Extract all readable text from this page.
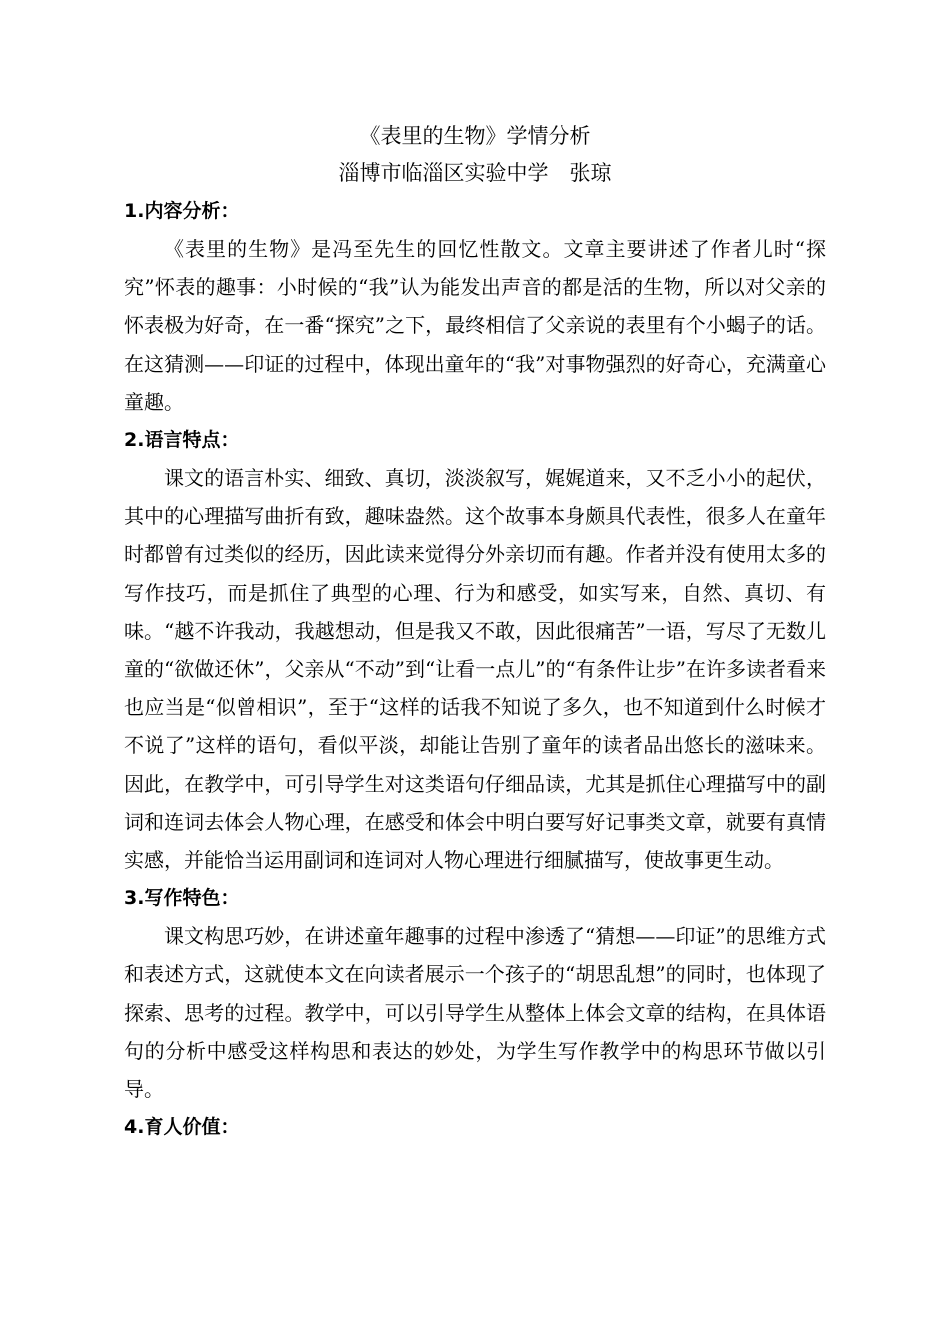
《表里的生物》学情分析
淄博市临淄区实验中学　张琼
1.内容分析：

《表里的生物》是冯至先生的回忆性散文。文章主要讲述了作者儿时“探究”怀表的趣事：小时候的“我”认为能发出声音的都是活的生物，所以对父亲的怀表极为好奇，在一番“探究”之下，最终相信了父亲说的表里有个小蝎子的话。在这猜测——印证的过程中，体现出童年的“我”对事物强烈的好奇心，充满童心童趣。

2.语言特点：

课文的语言朴实、细致、真切，淡淡叙写，娓娓道来，又不乏小小的起伏，其中的心理描写曲折有致，趣味盎然。这个故事本身颇具代表性，很多人在童年时都曾有过类似的经历，因此读来觉得分外亲切而有趣。作者并没有使用太多的写作技巧，而是抓住了典型的心理、行为和感受，如实写来，自然、真切、有味。“越不许我动，我越想动，但是我又不敢，因此很痛苦”一语，写尽了无数儿童的“欲做还休”，父亲从“不动”到“让看一点儿”的“有条件让步”在许多读者看来也应当是“似曾相识”，至于“这样的话我不知说了多久，也不知道到什么时候才不说了”这样的语句，看似平淡，却能让告别了童年的读者品出悠长的滋味来。因此，在教学中，可引导学生对这类语句仔细品读，尤其是抓住心理描写中的副词和连词去体会人物心理，在感受和体会中明白要写好记事类文章，就要有真情实感，并能恰当运用副词和连词对人物心理进行细腻描写，使故事更生动。

3.写作特色：

课文构思巧妙，在讲述童年趣事的过程中渗透了“猜想——印证”的思维方式和表述方式，这就使本文在向读者展示一个孩子的“胡思乱想”的同时，也体现了探索、思考的过程。教学中，可以引导学生从整体上体会文章的结构，在具体语句的分析中感受这样构思和表达的妙处，为学生写作教学中的构思环节做以引导。

4.育人价值：
